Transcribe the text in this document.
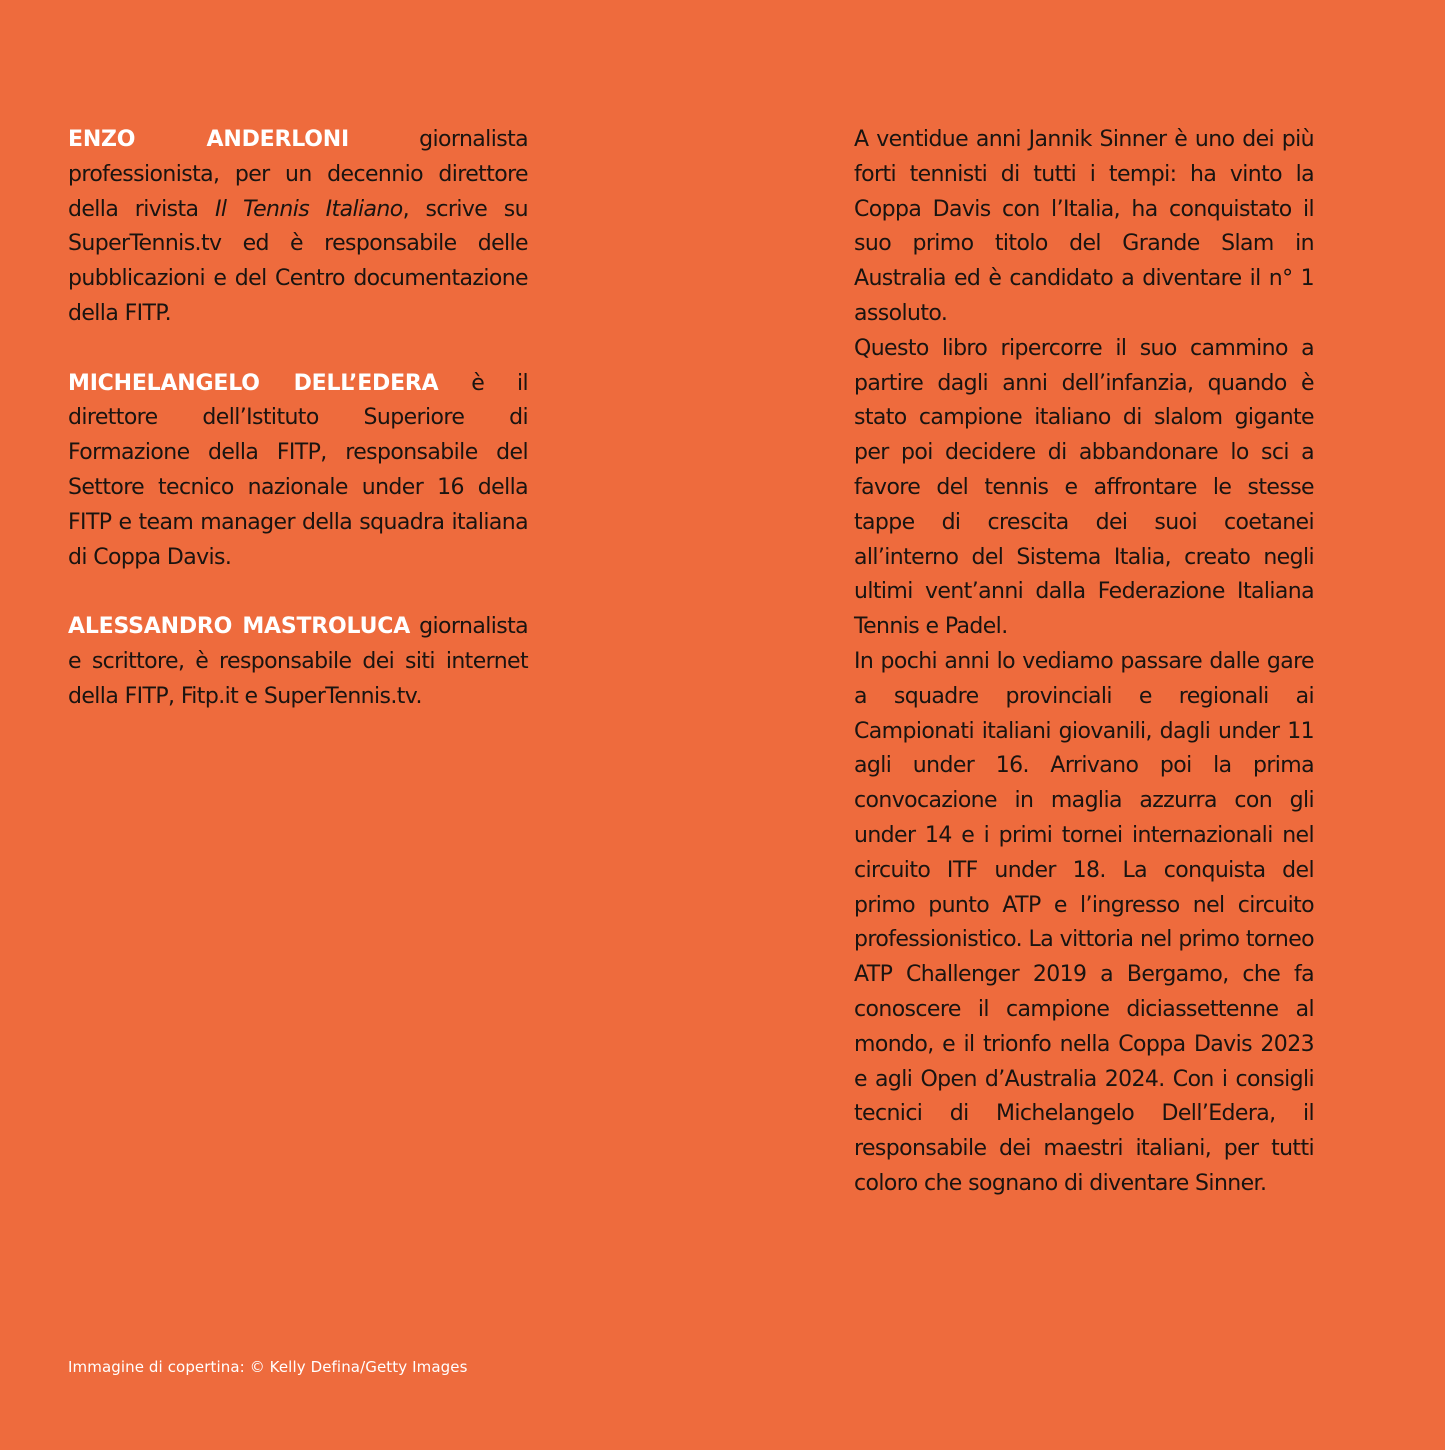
ENZO ANDERLONI giornalista professionista, per un decennio direttore della rivista Il Tennis Italiano, scrive su SuperTennis.tv ed è responsabile delle pubblicazioni e del Centro documentazione della FITP.

MICHELANGELO DELL’EDERA è il direttore dell’Istituto Superiore di Formazione della FITP, responsabile del Settore tecnico nazionale under 16 della FITP e team manager della squadra italiana di Coppa Davis.

ALESSANDRO MASTROLUCA giornalista e scrittore, è responsabile dei siti internet della FITP, Fitp.it e SuperTennis.tv.

A ventidue anni Jannik Sinner è uno dei più forti tennisti di tutti i tempi: ha vinto la Coppa Davis con l’Italia, ha conquistato il suo primo titolo del Grande Slam in Australia ed è candidato a diventare il n° 1 assoluto.

Questo libro ripercorre il suo cammino a partire dagli anni dell’infanzia, quando è stato campione italiano di slalom gigante per poi decidere di abbandonare lo sci a favore del tennis e affrontare le stesse tappe di crescita dei suoi coetanei all’interno del Sistema Italia, creato negli ultimi vent’anni dalla Federazione Italiana Tennis e Padel.

In pochi anni lo vediamo passare dalle gare a squadre provinciali e regionali ai Campionati italiani giovanili, dagli under 11 agli under 16. Arrivano poi la prima convocazione in maglia azzurra con gli under 14 e i primi tornei internazionali nel circuito ITF under 18. La conquista del primo punto ATP e l’ingresso nel circuito professionistico. La vittoria nel primo torneo ATP Challenger 2019 a Bergamo, che fa conoscere il campione diciassettenne al mondo, e il trionfo nella Coppa Davis 2023 e agli Open d’Australia 2024. Con i consigli tecnici di Michelangelo Dell’Edera, il responsabile dei maestri italiani, per tutti coloro che sognano di diventare Sinner.

Immagine di copertina: © Kelly Defina/Getty Images
